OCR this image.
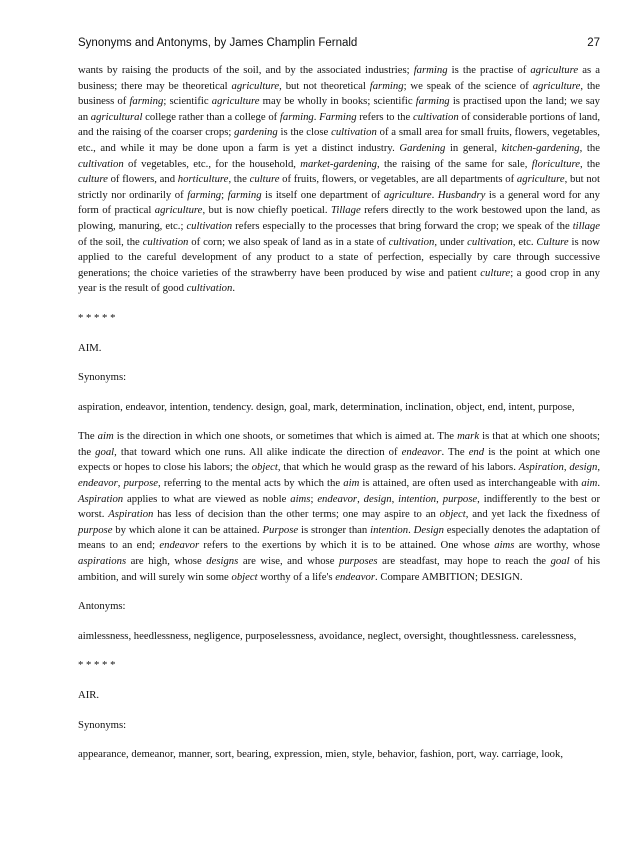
Synonyms and Antonyms, by James Champlin Fernald	27

wants by raising the products of the soil, and by the associated industries; farming is the practise of agriculture as a business; there may be theoretical agriculture, but not theoretical farming; we speak of the science of agriculture, the business of farming; scientific agriculture may be wholly in books; scientific farming is practised upon the land; we say an agricultural college rather than a college of farming. Farming refers to the cultivation of considerable portions of land, and the raising of the coarser crops; gardening is the close cultivation of a small area for small fruits, flowers, vegetables, etc., and while it may be done upon a farm is yet a distinct industry. Gardening in general, kitchen-gardening, the cultivation of vegetables, etc., for the household, market-gardening, the raising of the same for sale, floriculture, the culture of flowers, and horticulture, the culture of fruits, flowers, or vegetables, are all departments of agriculture, but not strictly nor ordinarily of farming; farming is itself one department of agriculture. Husbandry is a general word for any form of practical agriculture, but is now chiefly poetical. Tillage refers directly to the work bestowed upon the land, as plowing, manuring, etc.; cultivation refers especially to the processes that bring forward the crop; we speak of the tillage of the soil, the cultivation of corn; we also speak of land as in a state of cultivation, under cultivation, etc. Culture is now applied to the careful development of any product to a state of perfection, especially by care through successive generations; the choice varieties of the strawberry have been produced by wise and patient culture; a good crop in any year is the result of good cultivation.

* * * * *

AIM.

Synonyms:

aspiration, endeavor, intention, tendency. design, goal, mark, determination, inclination, object, end, intent, purpose,

The aim is the direction in which one shoots, or sometimes that which is aimed at. The mark is that at which one shoots; the goal, that toward which one runs. All alike indicate the direction of endeavor. The end is the point at which one expects or hopes to close his labors; the object, that which he would grasp as the reward of his labors. Aspiration, design, endeavor, purpose, referring to the mental acts by which the aim is attained, are often used as interchangeable with aim. Aspiration applies to what are viewed as noble aims; endeavor, design, intention, purpose, indifferently to the best or worst. Aspiration has less of decision than the other terms; one may aspire to an object, and yet lack the fixedness of purpose by which alone it can be attained. Purpose is stronger than intention. Design especially denotes the adaptation of means to an end; endeavor refers to the exertions by which it is to be attained. One whose aims are worthy, whose aspirations are high, whose designs are wise, and whose purposes are steadfast, may hope to reach the goal of his ambition, and will surely win some object worthy of a life's endeavor. Compare AMBITION; DESIGN.

Antonyms:

aimlessness, heedlessness, negligence, purposelessness, avoidance, neglect, oversight, thoughtlessness. carelessness,

* * * * *

AIR.

Synonyms:

appearance, demeanor, manner, sort, bearing, expression, mien, style, behavior, fashion, port, way. carriage, look,
